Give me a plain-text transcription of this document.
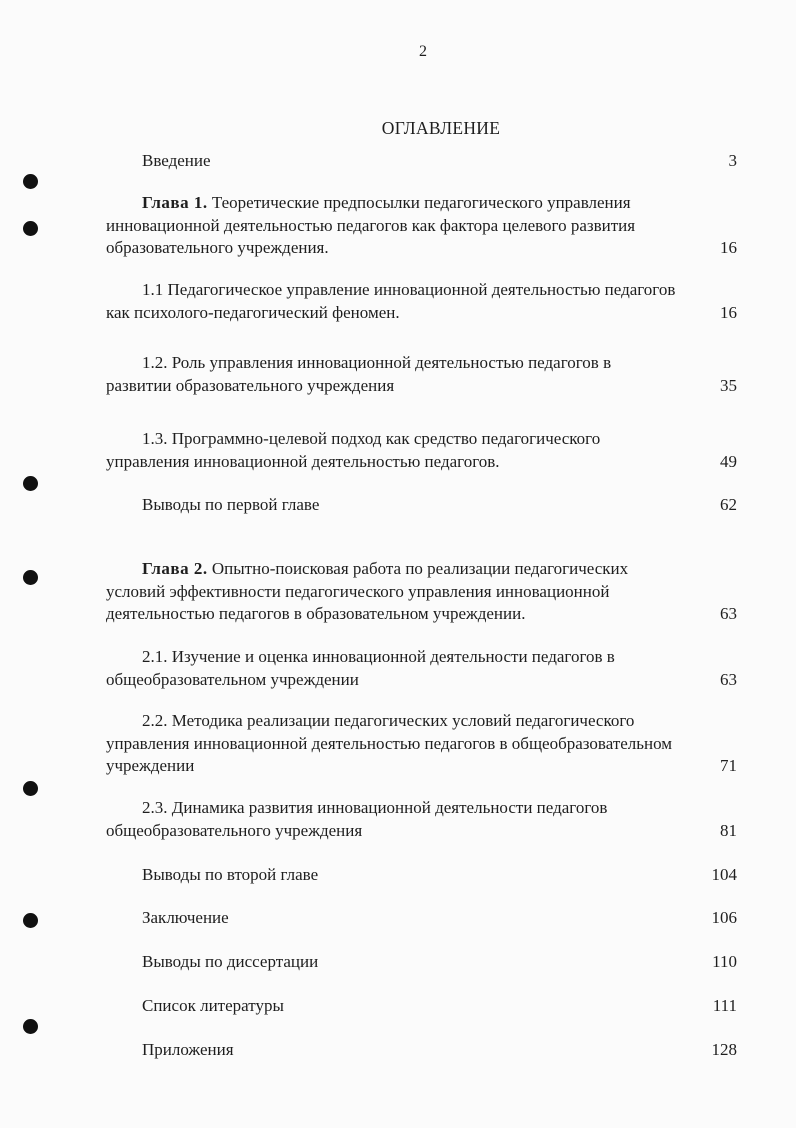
2
ОГЛАВЛЕНИЕ
Введение	3
Глава 1. Теоретические предпосылки педагогического управления
инновационной деятельностью педагогов как фактора целевого развития
образовательного учреждения.	16
1.1 Педагогическое управление инновационной деятельностью педагогов
как психолого-педагогический феномен.	16
1.2. Роль управления инновационной деятельностью педагогов в
развитии образовательного учреждения	35
1.3. Программно-целевой подход как средство педагогического
управления инновационной деятельностью педагогов.	49
Выводы по первой главе	62
Глава 2. Опытно-поисковая работа по реализации педагогических
условий эффективности педагогического управления инновационной
деятельностью педагогов в образовательном учреждении.	63
2.1. Изучение и оценка инновационной деятельности педагогов в
общеобразовательном учреждении	63
2.2. Методика реализации педагогических условий педагогического
управления инновационной деятельностью педагогов в общеобразовательном
учреждении	71
2.3. Динамика развития инновационной деятельности педагогов
общеобразовательного учреждения	81
Выводы по второй главе	104
Заключение	106
Выводы по диссертации	110
Список литературы	111
Приложения	128
